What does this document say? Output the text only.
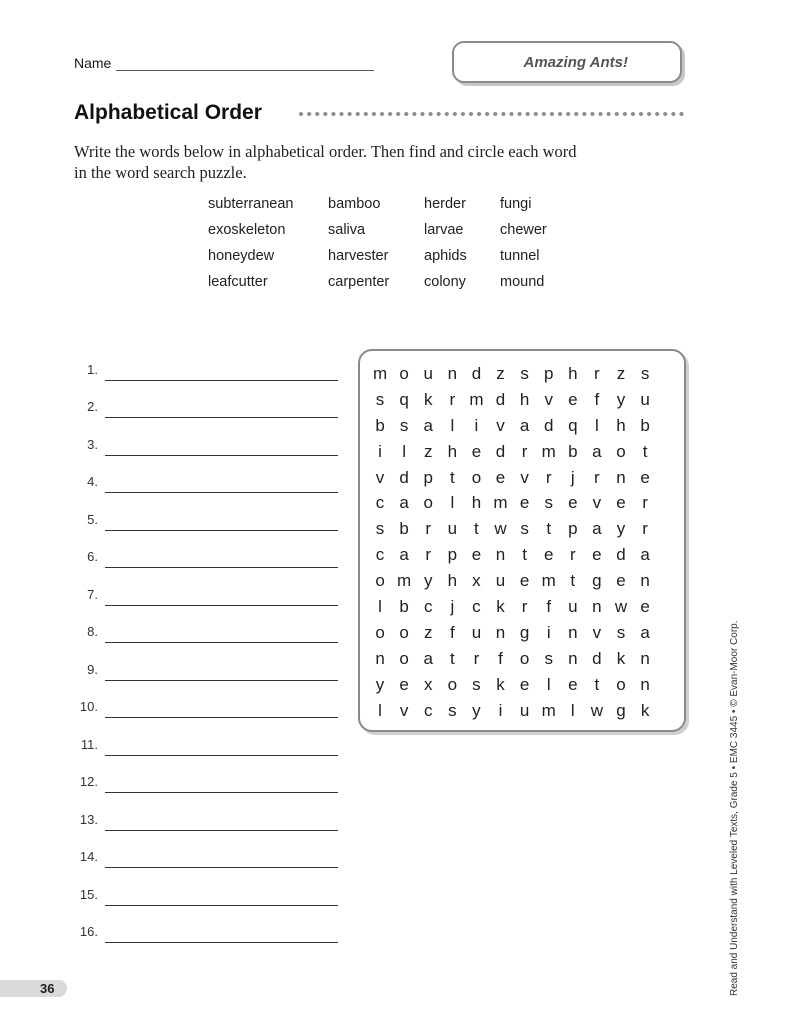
Name	Amazing Ants!
Alphabetical Order
Write the words below in alphabetical order. Then find and circle each word
in the word search puzzle.
subterranean	bamboo	herder	fungi
exoskeleton	saliva	larvae	chewer
honeydew	harvester	aphids	tunnel
leafcutter	carpenter	colony	mound
1.
2.
3.
4.
5.
6.
7.
8.
9.
10.
11.
12.
13.
14.
15.
16.
m o u n d z s p h r	z s
s q k	r m d h v e f	y u
b s a	l	i	v a d q	l	h b
i	l	z h e d r m b a o t
v d p t	o e v	r	j	r n e
c a o	l	h m e s e v e r
s b r u t w s	t	p a y	r
c a r p e n t	e r e d a
o m y h x u e m t	g e n
l	b c	j	c k	r	f	u n w e
o o z	f	u n g	i	n v s a
n o a t	r	f	o s n d k n
y e x o s k e	l	e t	o n
l	v c s y	i	u m l w g k
36	Read and Understand with Leveled Texts, Grade 5 • EMC 3445 • © Evan-Moor Corp.
